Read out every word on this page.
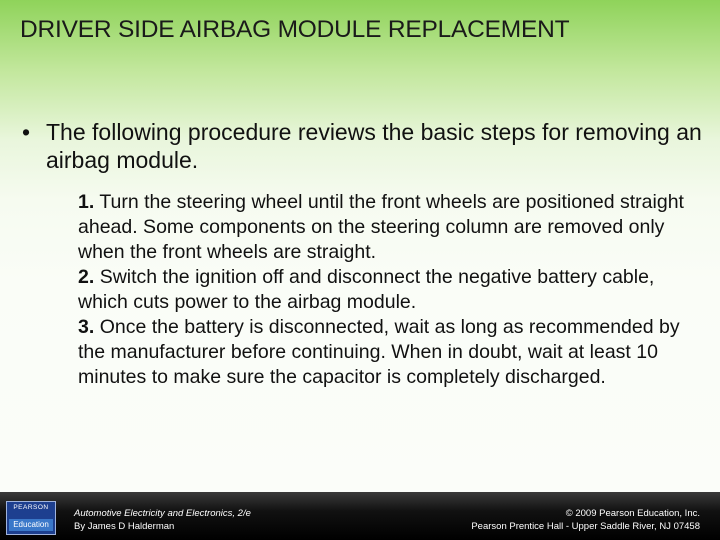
DRIVER SIDE AIRBAG MODULE REPLACEMENT
• The following procedure reviews the basic steps for removing an airbag module.

1. Turn the steering wheel until the front wheels are positioned straight ahead. Some components on the steering column are removed only when the front wheels are straight.

2. Switch the ignition off and disconnect the negative battery cable, which cuts power to the airbag module.

3. Once the battery is disconnected, wait as long as recommended by the manufacturer before continuing. When in doubt, wait at least 10 minutes to make sure the capacitor is completely discharged.

PEARSON
Education
Automotive Electricity and Electronics, 2/e
By James D Halderman
© 2009 Pearson Education, Inc.
Pearson Prentice Hall - Upper Saddle River, NJ 07458
